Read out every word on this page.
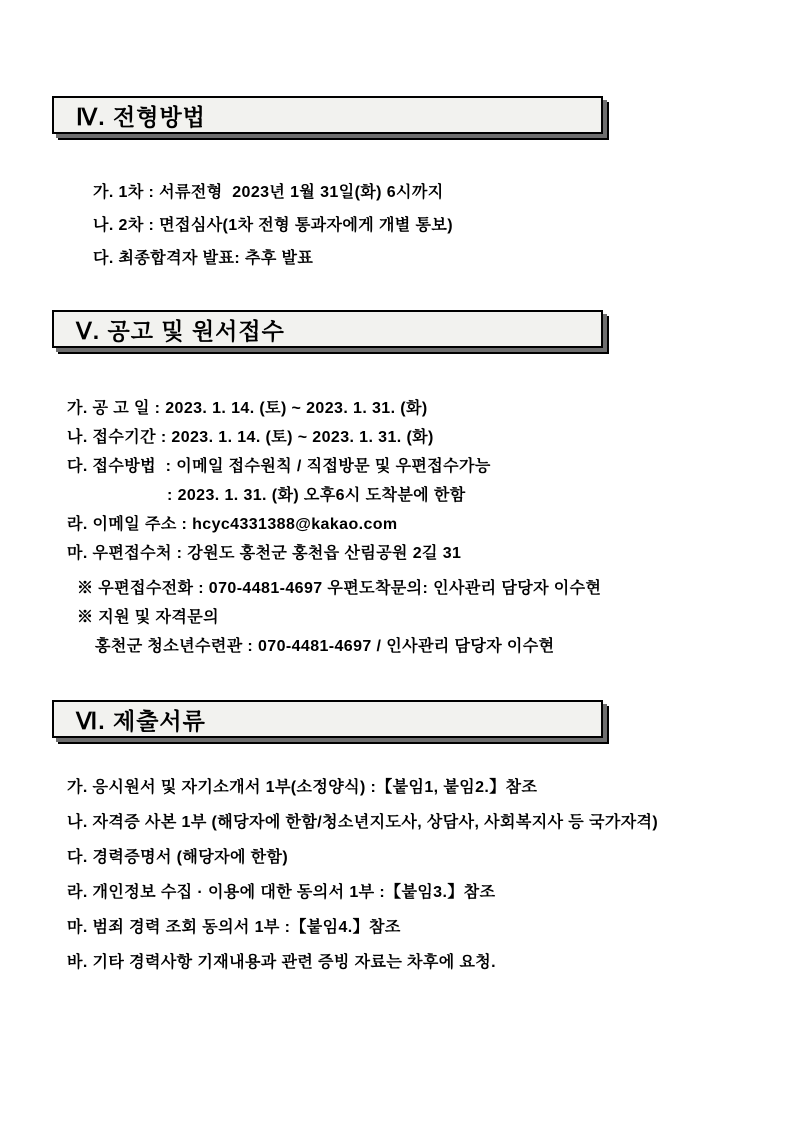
Ⅳ. 전형방법
가. 1차 : 서류전형  2023년 1월 31일(화) 6시까지
나. 2차 : 면접심사(1차 전형 통과자에게 개별 통보)
다. 최종합격자 발표: 추후 발표
Ⅴ. 공고 및 원서접수
가. 공 고 일 : 2023. 1. 14. (토) ~ 2023. 1. 31. (화)
나. 접수기간 : 2023. 1. 14. (토) ~ 2023. 1. 31. (화)
다. 접수방법  : 이메일 접수원칙 / 직접방문 및 우편접수가능
: 2023. 1. 31. (화) 오후6시 도착분에 한함
라. 이메일 주소 : hcyc4331388@kakao.com
마. 우편접수처 : 강원도 홍천군 홍천읍 산림공원 2길 31
※ 우편접수전화 : 070-4481-4697 우편도착문의: 인사관리 담당자 이수현
※ 지원 및 자격문의
홍천군 청소년수련관 : 070-4481-4697 / 인사관리 담당자 이수현
Ⅵ. 제출서류
가. 응시원서 및 자기소개서 1부(소정양식) :【붙임1, 붙임2.】참조
나. 자격증 사본 1부 (해당자에 한함/청소년지도사, 상담사, 사회복지사 등 국가자격)
다. 경력증명서 (해당자에 한함)
라. 개인정보 수집 · 이용에 대한 동의서 1부 :【붙임3.】참조
마. 범죄 경력 조회 동의서 1부 :【붙임4.】참조
바. 기타 경력사항 기재내용과 관련 증빙 자료는 차후에 요청.
